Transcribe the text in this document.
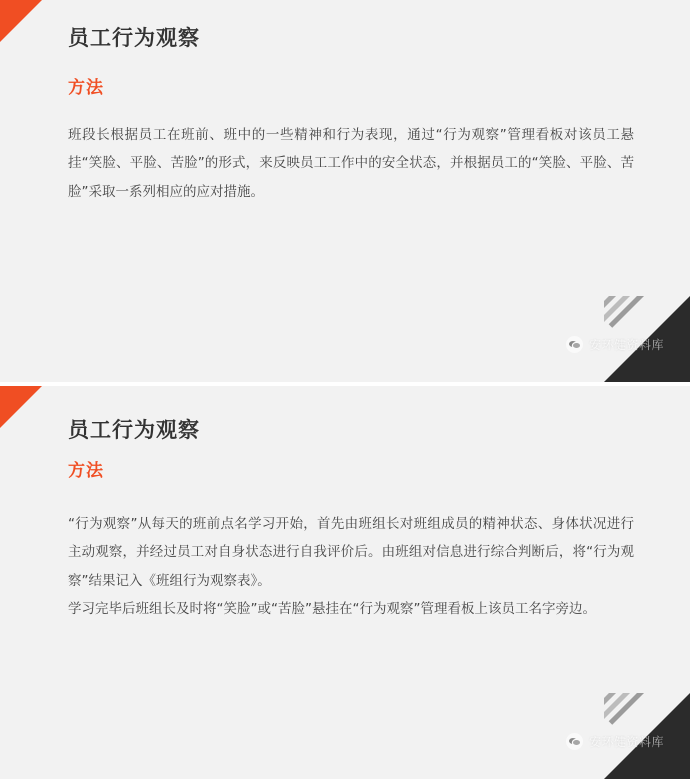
员工行为观察
方法

班段长根据员工在班前、班中的一些精神和行为表现，通过“行为观察”管理看板对该员工悬挂“笑脸、平脸、苦脸”的形式，来反映员工工作中的安全状态，并根据员工的“笑脸、平脸、苦脸”采取一系列相应的应对措施。

安环健资料库
员工行为观察
方法

“行为观察”从每天的班前点名学习开始，首先由班组长对班组成员的精神状态、身体状况进行主动观察，并经过员工对自身状态进行自我评价后。由班组对信息进行综合判断后，将“行为观察”结果记入《班组行为观察表》。

学习完毕后班组长及时将“笑脸”或“苦脸”悬挂在“行为观察”管理看板上该员工名字旁边。

安环健资料库
